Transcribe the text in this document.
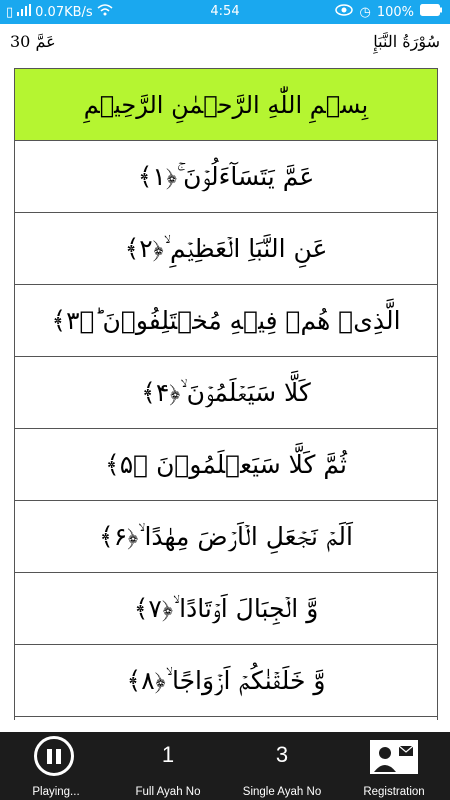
▯ 0.07KB/s	4:54	◷ 100%
عَمَّ 30	سُوْرَةُ النَّبَإِ
بِسۡمِ اللّٰهِ الرَّحۡمٰنِ الرَّحِيۡمِ
عَمَّ يَتَسَآءَلُوۡنَ ۚ﴿۱﴾
عَنِ النَّبَاِ الۡعَظِيۡمِ ۙ﴿۲﴾
الَّذِىۡ هُمۡ فِيۡهِ مُخۡتَلِفُوۡنَ ؕ﴿۳﴾
كَلَّا سَيَعۡلَمُوۡنَ ۙ﴿۴﴾
ثُمَّ كَلَّا سَيَعۡلَمُوۡنَ ﴿۵﴾
اَلَمۡ نَجۡعَلِ الۡاَرۡضَ مِهٰدًا ۙ﴿۶﴾
وَّ الۡجِبَالَ اَوۡتَادًا ۙ﴿۷﴾
وَّ خَلَقۡنٰكُمۡ اَزۡوَاجًا ۙ﴿۸﴾
Playing...
1
Full Ayah No
3
Single Ayah No	Registration
